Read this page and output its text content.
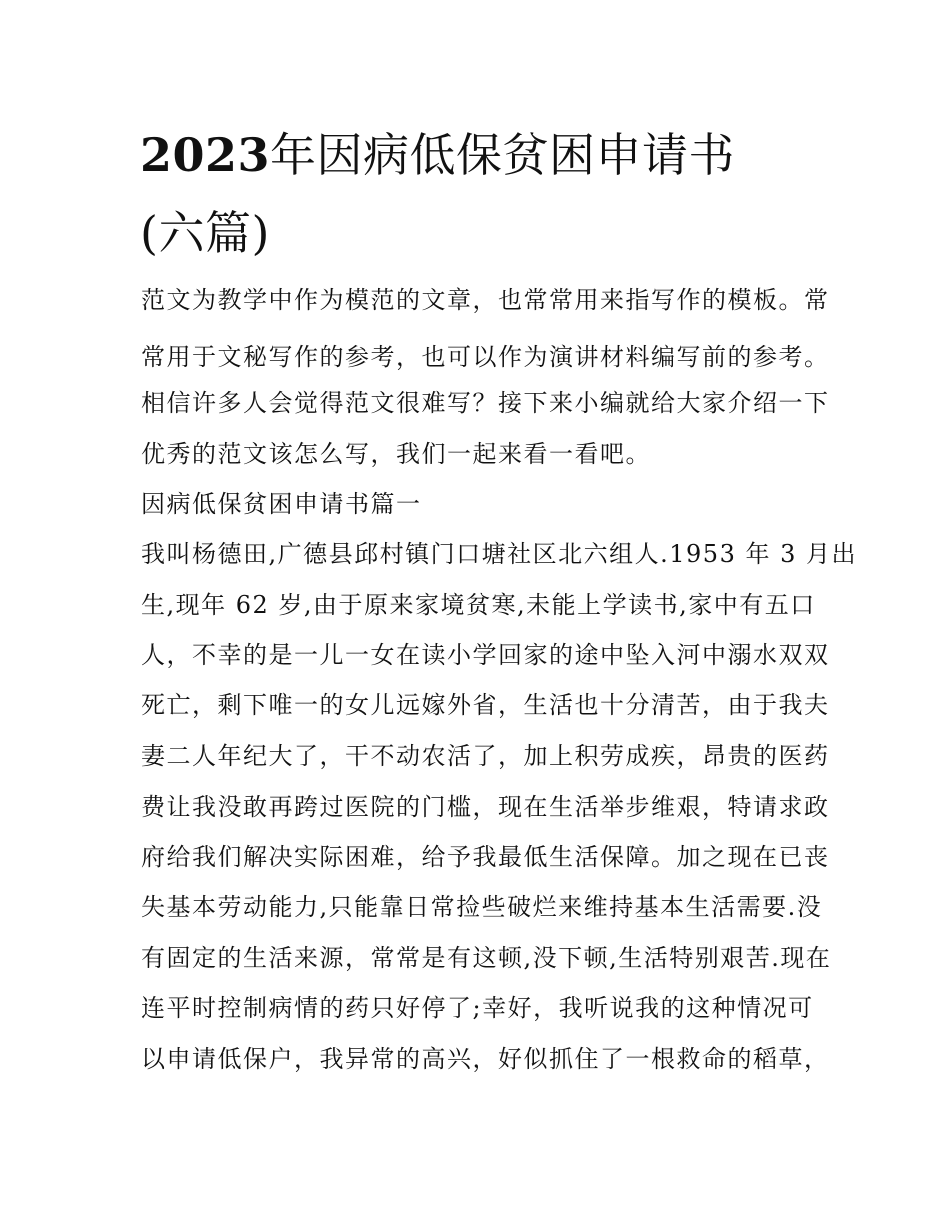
2023年因病低保贫困申请书
(六篇)

范文为教学中作为模范的文章，也常常用来指写作的模板。常

常用于文秘写作的参考，也可以作为演讲材料编写前的参考。

相信许多人会觉得范文很难写？接下来小编就给大家介绍一下

优秀的范文该怎么写，我们一起来看一看吧。

因病低保贫困申请书篇一

我叫杨德田,广德县邱村镇门口塘社区北六组人.1953 年 3 月出

生,现年 62 岁,由于原来家境贫寒,未能上学读书,家中有五口

人，不幸的是一儿一女在读小学回家的途中坠入河中溺水双双

死亡，剩下唯一的女儿远嫁外省，生活也十分清苦，由于我夫

妻二人年纪大了，干不动农活了，加上积劳成疾，昂贵的医药

费让我没敢再跨过医院的门槛，现在生活举步维艰，特请求政

府给我们解决实际困难，给予我最低生活保障。加之现在已丧

失基本劳动能力,只能靠日常捡些破烂来维持基本生活需要.没

有固定的生活来源，常常是有这顿,没下顿,生活特别艰苦.现在

连平时控制病情的药只好停了;幸好，我听说我的这种情况可

以申请低保户，我异常的高兴，好似抓住了一根救命的稻草，
